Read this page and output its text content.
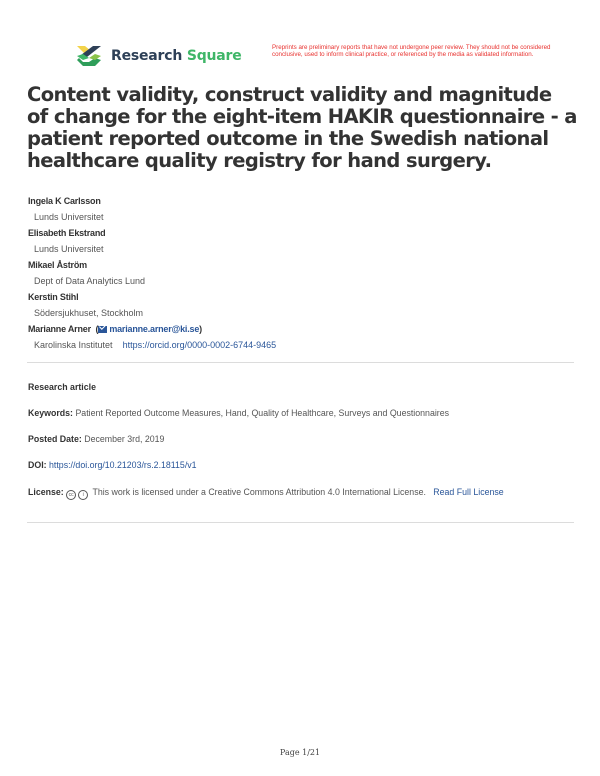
Research Square
Preprints are preliminary reports that have not undergone peer review. They should not be considered conclusive, used to inform clinical practice, or referenced by the media as validated information.
Content validity, construct validity and magnitude of change for the eight-item HAKIR questionnaire - a patient reported outcome in the Swedish national healthcare quality registry for hand surgery.
Ingela K Carlsson
Lunds Universitet
Elisabeth Ekstrand
Lunds Universitet
Mikael Åström
Dept of Data Analytics Lund
Kerstin Stihl
Södersjukhuset, Stockholm
Marianne Arner  ( marianne.arner@ki.se)
Karolinska Institutet https://orcid.org/0000-0002-6744-9465
Research article
Keywords: Patient Reported Outcome Measures, Hand, Quality of Healthcare, Surveys and Questionnaires
Posted Date: December 3rd, 2019
DOI: https://doi.org/10.21203/rs.2.18115/v1
License: cc i This work is licensed under a Creative Commons Attribution 4.0 International License. Read Full License
Page 1/21
